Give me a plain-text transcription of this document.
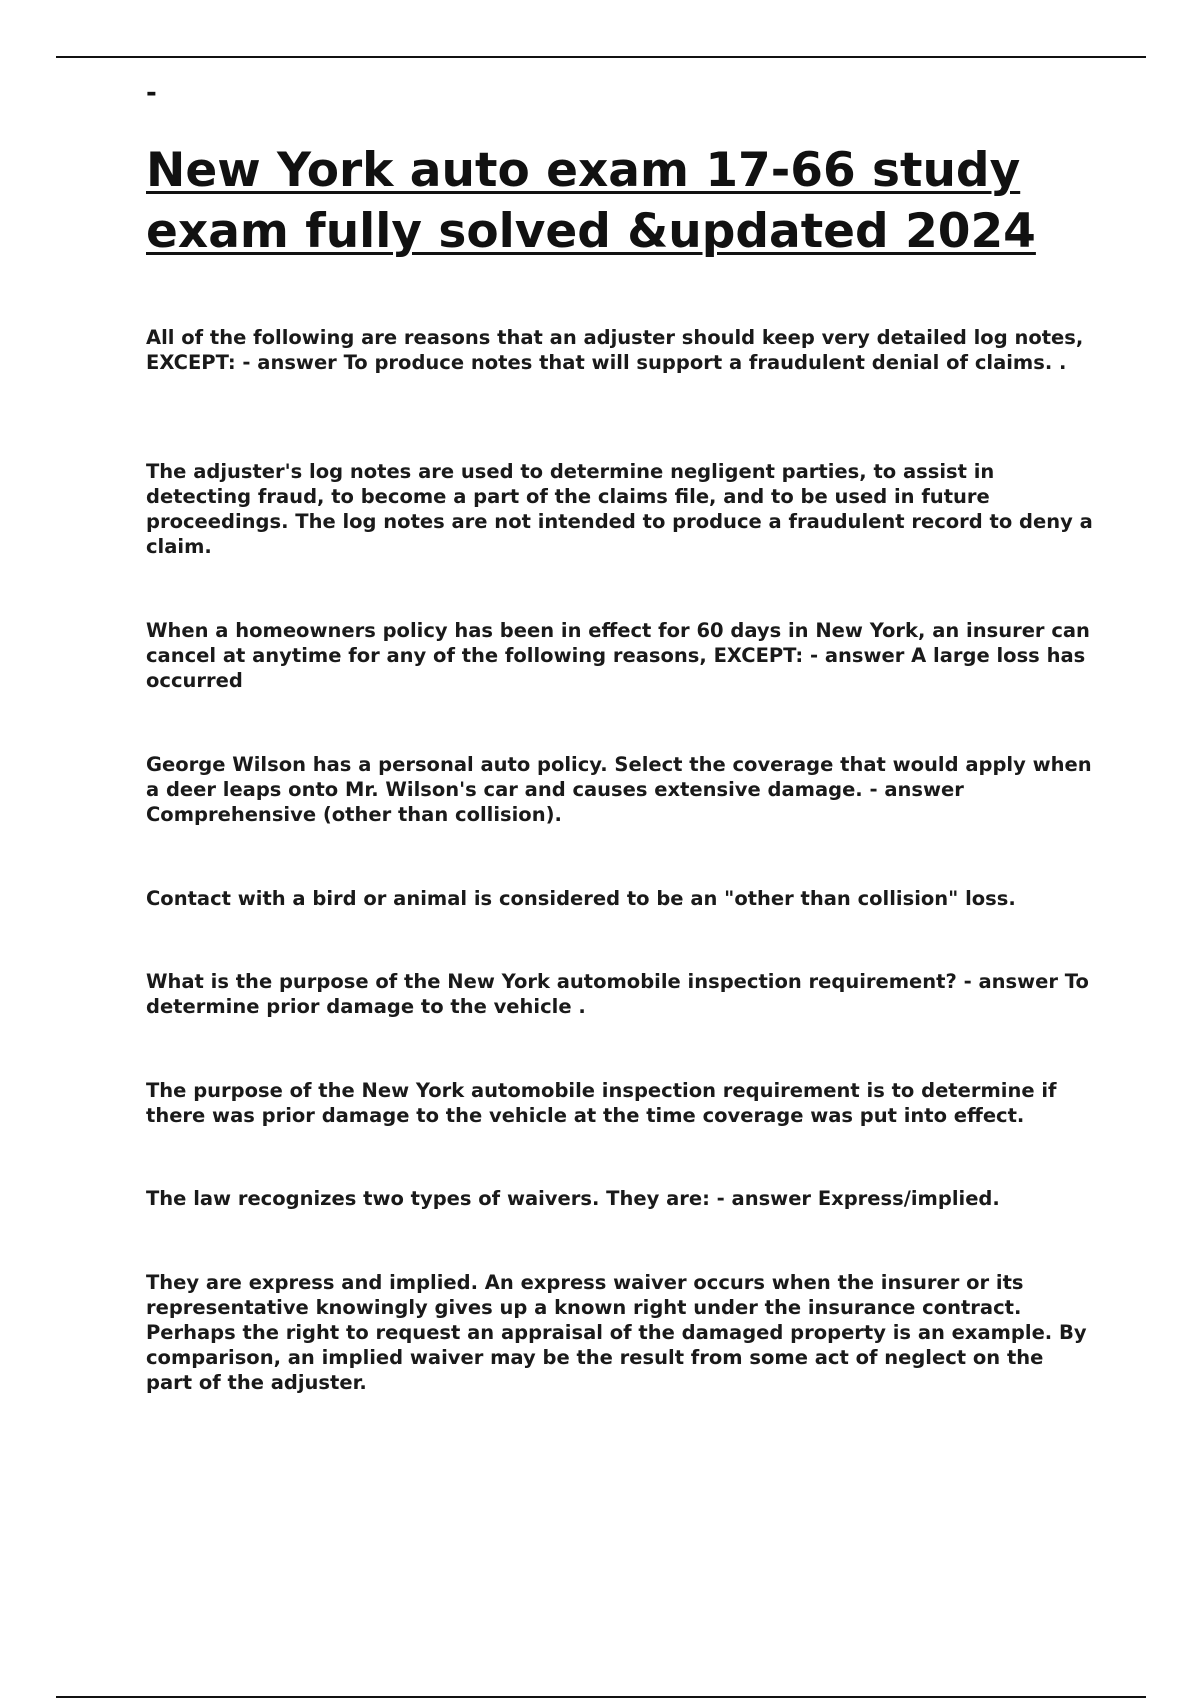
-
New York auto exam 17-66 study exam fully solved &updated 2024

All of the following are reasons that an adjuster should keep very detailed log notes, EXCEPT: - answer To produce notes that will support a fraudulent denial of claims. .

The adjuster's log notes are used to determine negligent parties, to assist in detecting fraud, to become a part of the claims file, and to be used in future proceedings. The log notes are not intended to produce a fraudulent record to deny a claim.

When a homeowners policy has been in effect for 60 days in New York, an insurer can cancel at anytime for any of the following reasons, EXCEPT: - answer A large loss has occurred

George Wilson has a personal auto policy. Select the coverage that would apply when a deer leaps onto Mr. Wilson's car and causes extensive damage. - answer Comprehensive (other than collision).

Contact with a bird or animal is considered to be an "other than collision" loss.

What is the purpose of the New York automobile inspection requirement? - answer To determine prior damage to the vehicle .

The purpose of the New York automobile inspection requirement is to determine if there was prior damage to the vehicle at the time coverage was put into effect.

The law recognizes two types of waivers. They are: - answer Express/implied.

They are express and implied. An express waiver occurs when the insurer or its representative knowingly gives up a known right under the insurance contract. Perhaps the right to request an appraisal of the damaged property is an example. By comparison, an implied waiver may be the result from some act of neglect on the part of the adjuster.
